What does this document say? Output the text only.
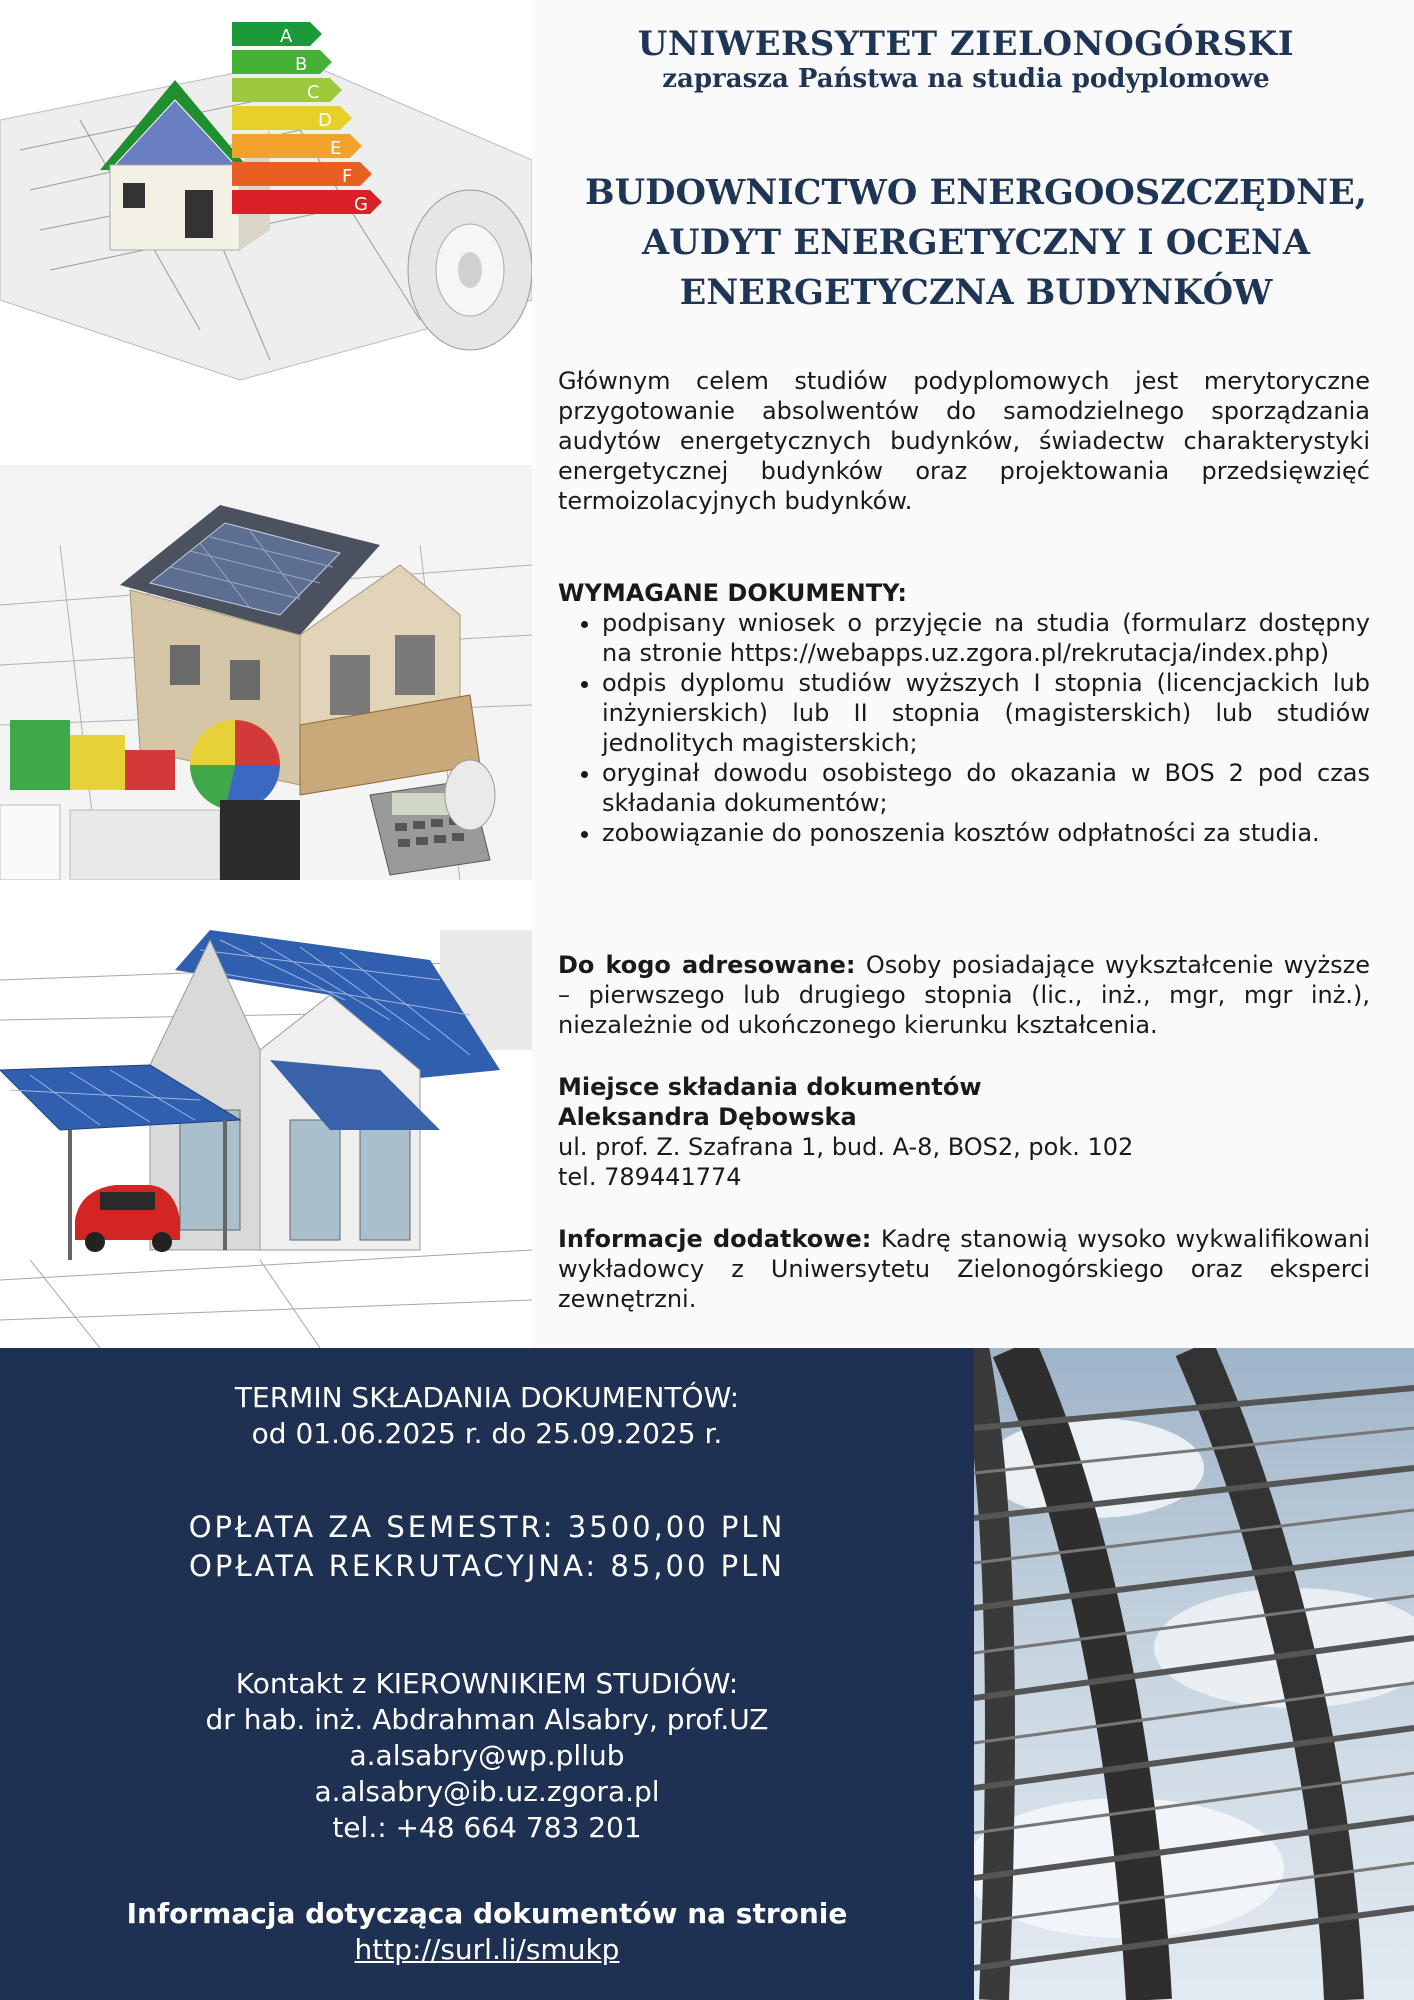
A
B
C
D
E
F
G
UNIWERSYTET ZIELONOGÓRSKI
zaprasza Państwa na studia podyplomowe
BUDOWNICTWO ENERGOOSZCZĘDNE,
AUDYT ENERGETYCZNY I OCENA
ENERGETYCZNA BUDYNKÓW
Głównym celem studiów podyplomowych jest merytoryczne przygotowanie absolwentów do samodzielnego sporządzania audytów energetycznych budynków, świadectw charakterystyki energetycznej budynków oraz projektowania przedsięwzięć termoizolacyjnych budynków.
WYMAGANE DOKUMENTY:
• podpisany wniosek o przyjęcie na studia (formularz dostępny na stronie https://webapps.uz.zgora.pl/rekrutacja/index.php)
• odpis dyplomu studiów wyższych I stopnia (licencjackich lub inżynierskich) lub II stopnia (magisterskich) lub studiów jednolitych magisterskich;
• oryginał dowodu osobistego do okazania w BOS 2 pod czas składania dokumentów;
• zobowiązanie do ponoszenia kosztów odpłatności za studia.
Do kogo adresowane: Osoby posiadające wykształcenie wyższe – pierwszego lub drugiego stopnia (lic., inż., mgr, mgr inż.), niezależnie od ukończonego kierunku kształcenia.
Miejsce składania dokumentów
Aleksandra Dębowska
ul. prof. Z. Szafrana 1, bud. A-8, BOS2, pok. 102
tel. 789441774
Informacje dodatkowe: Kadrę stanowią wysoko wykwalifikowani wykładowcy z Uniwersytetu Zielonogórskiego oraz eksperci zewnętrzni.
TERMIN SKŁADANIA DOKUMENTÓW:
od 01.06.2025 r. do 25.09.2025 r.
OPŁATA ZA SEMESTR: 3500,00 PLN
OPŁATA REKRUTACYJNA: 85,00 PLN
Kontakt z KIEROWNIKIEM STUDIÓW:
dr hab. inż. Abdrahman Alsabry, prof.UZ
a.alsabry@wp.pllub
a.alsabry@ib.uz.zgora.pl
tel.: +48 664 783 201
Informacja dotycząca dokumentów na stronie
http://surl.li/smukp
